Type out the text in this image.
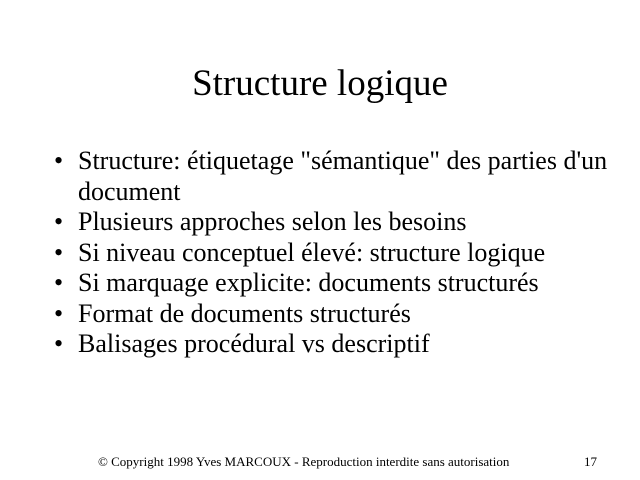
Structure logique
• Structure: étiquetage "sémantique" des parties d'un document
• Plusieurs approches selon les besoins
• Si niveau conceptuel élevé: structure logique
• Si marquage explicite: documents structurés
• Format de documents structurés
• Balisages procédural vs descriptif
© Copyright 1998 Yves MARCOUX - Reproduction interdite sans autorisation	17
